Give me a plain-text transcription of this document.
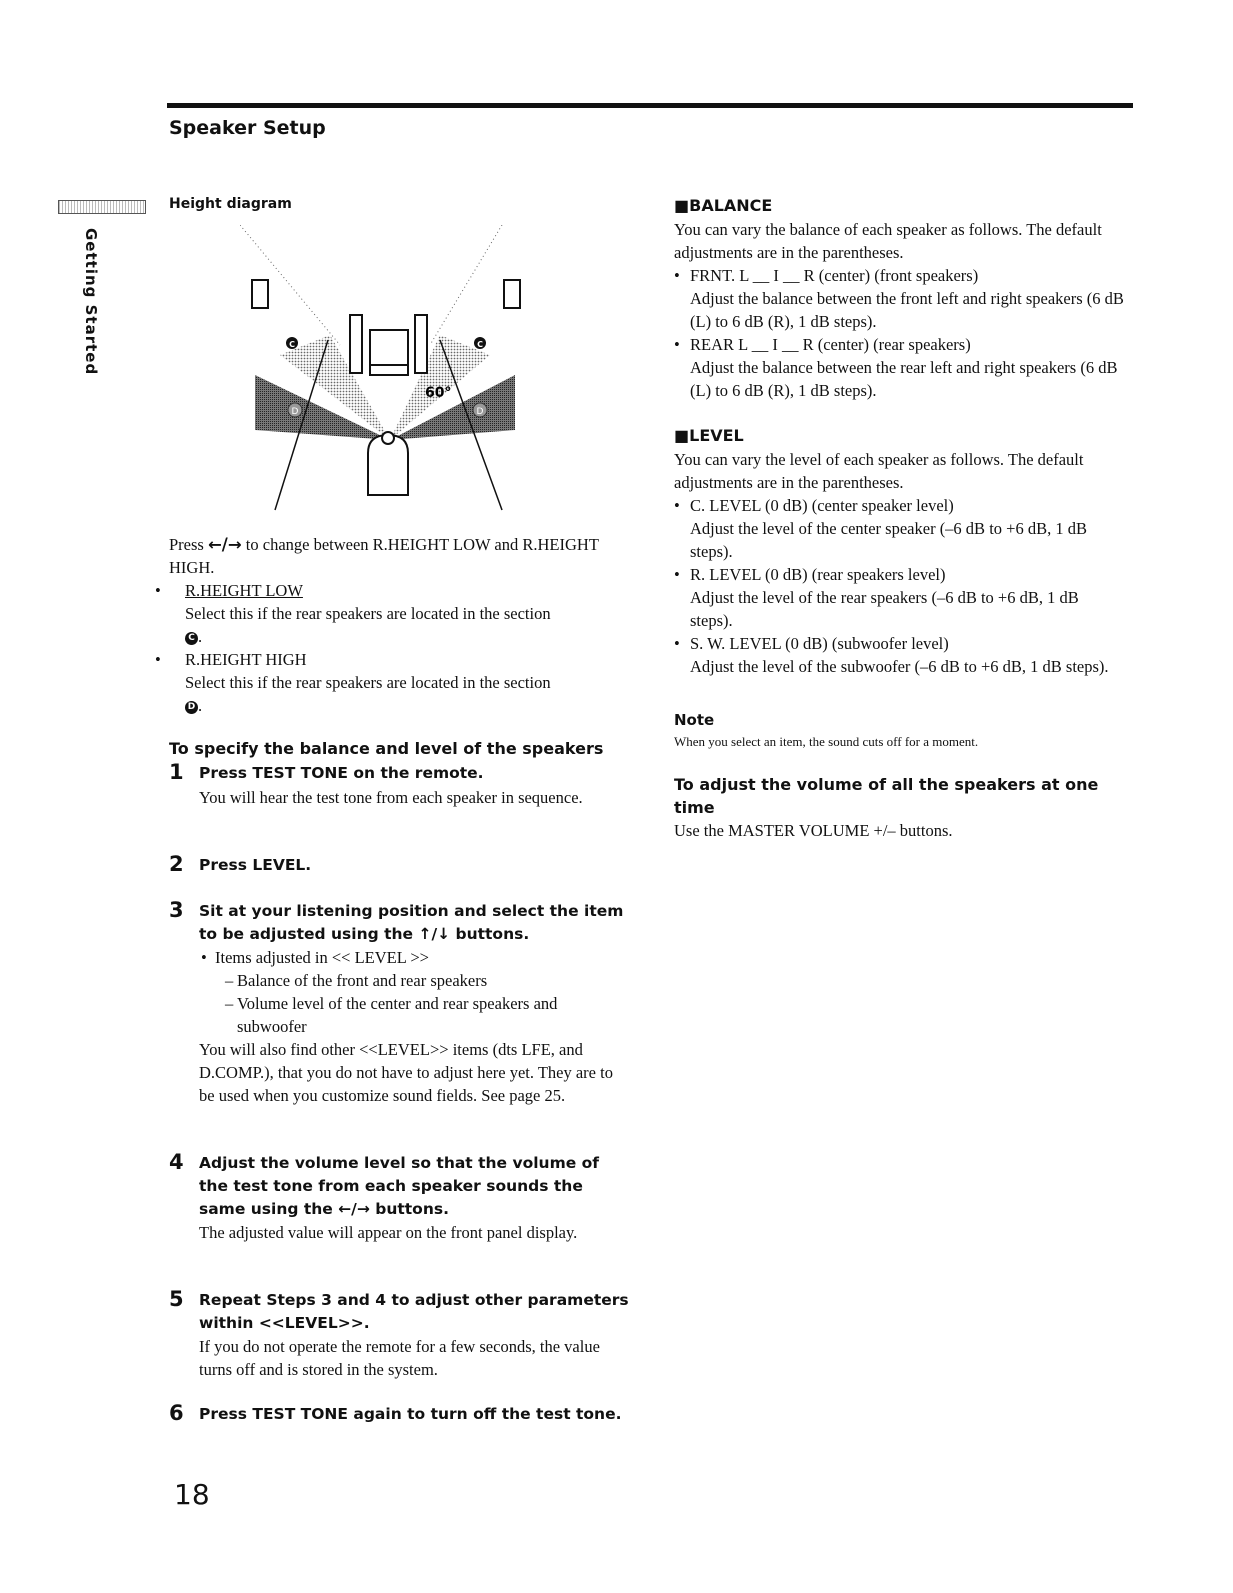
Speaker Setup
Getting Started
Height diagram
C	C
D	D
60°
Press ←/→ to change between R.HEIGHT LOW and R.HEIGHT HIGH.
• R.HEIGHT LOW
Select this if the rear speakers are located in the section
C .
• R.HEIGHT HIGH
Select this if the rear speakers are located in the section
D .
To specify the balance and level of the speakers
1 Press TEST TONE on the remote.
You will hear the test tone from each speaker in sequence.
2 Press LEVEL.
3 Sit at your listening position and select the item to be adjusted using the ↑/↓ buttons.
• Items adjusted in << LEVEL >>
– Balance of the front and rear speakers
– Volume level of the center and rear speakers and subwoofer
You will also find other <<LEVEL>> items (dts LFE, and D.COMP.), that you do not have to adjust here yet. They are to be used when you customize sound fields. See page 25.
4 Adjust the volume level so that the volume of the test tone from each speaker sounds the same using the ←/→ buttons.
The adjusted value will appear on the front panel display.
5 Repeat Steps 3 and 4 to adjust other parameters within <<LEVEL>>.
If you do not operate the remote for a few seconds, the value turns off and is stored in the system.
6 Press TEST TONE again to turn off the test tone.
■BALANCE
You can vary the balance of each speaker as follows. The default adjustments are in the parentheses.
• FRNT. L __ I __ R (center) (front speakers)
Adjust the balance between the front left and right speakers (6 dB (L) to 6 dB (R), 1 dB steps).
• REAR L __ I __ R (center) (rear speakers)
Adjust the balance between the rear left and right speakers (6 dB (L) to 6 dB (R), 1 dB steps).
■LEVEL
You can vary the level of each speaker as follows. The default adjustments are in the parentheses.
• C. LEVEL (0 dB) (center speaker level)
Adjust the level of the center speaker (–6 dB to +6 dB, 1 dB steps).
• R. LEVEL (0 dB) (rear speakers level)
Adjust the level of the rear speakers (–6 dB to +6 dB, 1 dB steps).
• S. W. LEVEL (0 dB) (subwoofer level)
Adjust the level of the subwoofer (–6 dB to +6 dB, 1 dB steps).
Note
When you select an item, the sound cuts off for a moment.
To adjust the volume of all the speakers at one time
Use the MASTER VOLUME +/– buttons.
18
